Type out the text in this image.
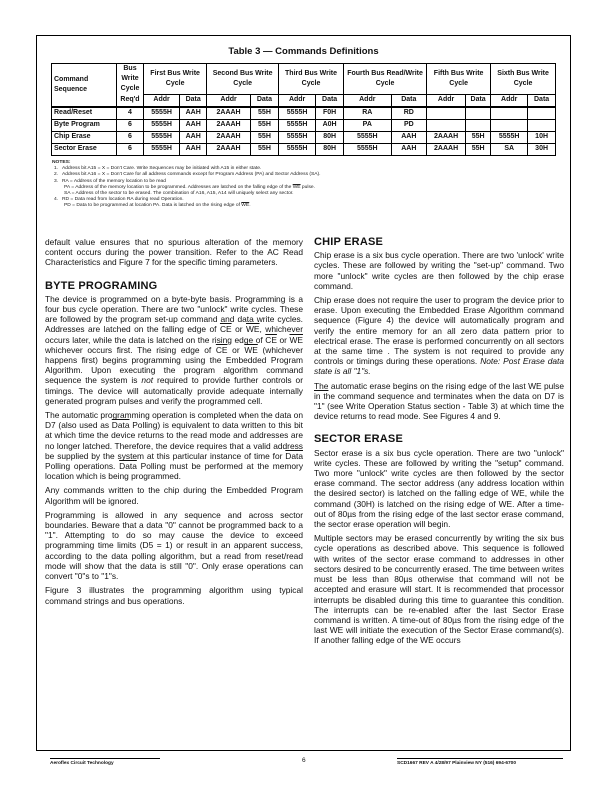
Table 3 — Commands Definitions
Command Sequence	Bus
Write
Cycle	First Bus Write Cycle		Second Bus Write Cycle		Third Bus Write Cycle		Fourth Bus Read/Write Cycle		Fifth Bus Write Cycle		Sixth Bus Write Cycle	
	Req'd	Addr	Data	Addr	Data	Addr	Data	Addr	Data	Addr	Data	Addr	Data
Read/Reset	4	5555H	AAH	2AAAH	55H	5555H	F0H	RA	RD				
Byte Program	6	5555H	AAH	2AAAH	55H	5555H	A0H	PA	PD				
Chip Erase	6	5555H	AAH	2AAAH	55H	5555H	80H	5555H	AAH	2AAAH	55H	5555H	10H
Sector Erase	6	5555H	AAH	2AAAH	55H	5555H	80H	5555H	AAH	2AAAH	55H	SA	30H
NOTES:
1. Address bit A15 = X = Don't Care. Write Sequences may be initiated with A15 in either state.
2. Address bit A16 = X = Don't Care for all address commands except for Program Address (PA) and Sector Address (SA).
3. RA = Address of the memory location to be read
PA = Address of the memory location to be programmed. Addresses are latched on the falling edge of the $\overline{WE}$ pulse.
SA = Address of the sector to be erased. The combination of A16, A15, A14 will uniquely select any sector.
4. RD = Data read from location RA during read Operation.
PD = Data to be programmed at location PA. Data is latched on the rising edge of $\overline{WE}$.

default value ensures that no spurious alteration of the memory content occurs during the power transition. Refer to the AC Read Characteristics and Figure 7 for the specific timing parameters.

BYTE PROGRAMING

The device is programmed on a byte-byte basis. Programming is a four bus cycle operation. There are two "unlock" write cycles. These are followed by the program set-up command and data write cycles. Addresses are latched on the falling edge of $\overline{CE}$ or $\overline{WE}$, whichever occurs later, while the data is latched on the rising edge of $\overline{CE}$ or $\overline{WE}$ whichever occurs first. The rising edge of $\overline{CE}$ or $\overline{WE}$ (whichever happens first) begins programming using the Embedded Program Algorithm. Upon executing the program algorithm command sequence the system is not required to provide further controls or timings. The device will automatically provide adequate internally generated program pulses and verify the programmed cell.

The automatic programming operation is completed when the data on D7 (also used as Data Polling) is equivalent to data written to this bit at which time the device returns to the read mode and addresses are no longer latched. Therefore, the device requires that a valid address be supplied by the system at this particular instance of time for Data Polling operations. Data Polling must be performed at the memory location which is being programmed.

Any commands written to the chip during the Embedded Program Algorithm will be ignored.

Programming is allowed in any sequence and across sector boundaries. Beware that a data "0" cannot be programmed back to a "1". Attempting to do so may cause the device to exceed programming time limits (D5 = 1) or result in an apparent success, according to the data polling algorithm, but a read from reset/read mode will show that the data is still "0". Only erase operations can convert "0"s to "1"s.

Figure 3 illustrates the programming algorithm using typical command strings and bus operations.

CHIP ERASE

Chip erase is a six bus cycle operation. There are two 'unlock' write cycles. These are followed by writing the "set-up" command. Two more "unlock" write cycles are then followed by the chip erase command.

Chip erase does not require the user to program the device prior to erase. Upon executing the Embedded Erase Algorithm command sequence (Figure 4) the device will automatically program and verify the entire memory for an all zero data pattern prior to electrical erase. The erase is performed concurrently on all sectors at the same time . The system is not required to provide any controls or timings during these operations. Note: Post Erase data state is all "1"s.

The automatic erase begins on the rising edge of the last WE pulse in the command sequence and terminates when the data on D7 is "1" (see Write Operation Status section - Table 3) at which time the device returns to read mode. See Figures 4 and 9.

SECTOR ERASE

Sector erase is a six bus cycle operation. There are two "unlock" write cycles. These are followed by writing the "setup" command. Two more "unlock" write cycles are then followed by the sector erase command. The sector address (any address location within the desired sector) is latched on the falling edge of WE, while the command (30H) is latched on the rising edge of WE. After a time-out of 80µs from the rising edge of the last sector erase command, the sector erase operation will begin.

Multiple sectors may be erased concurrently by writing the six bus cycle operations as described above. This sequence is followed with writes of the sector erase command to addresses in other sectors desired to be concurrently erased. The time between writes must be less than 80µs otherwise that command will not be accepted and erasure will start. It is recommended that processor interrupts be disabled during this time to guarantee this condition. The interrupts can be re-enabled after the last Sector Erase command is written. A time-out of 80µs from the rising edge of the last WE will initiate the execution of the Sector Erase command(s). If another falling edge of the WE occurs

Aeroflex Circuit Technology	6	SCD1667 REV A 4/28/97 Plainview NY (516) 694-6700
